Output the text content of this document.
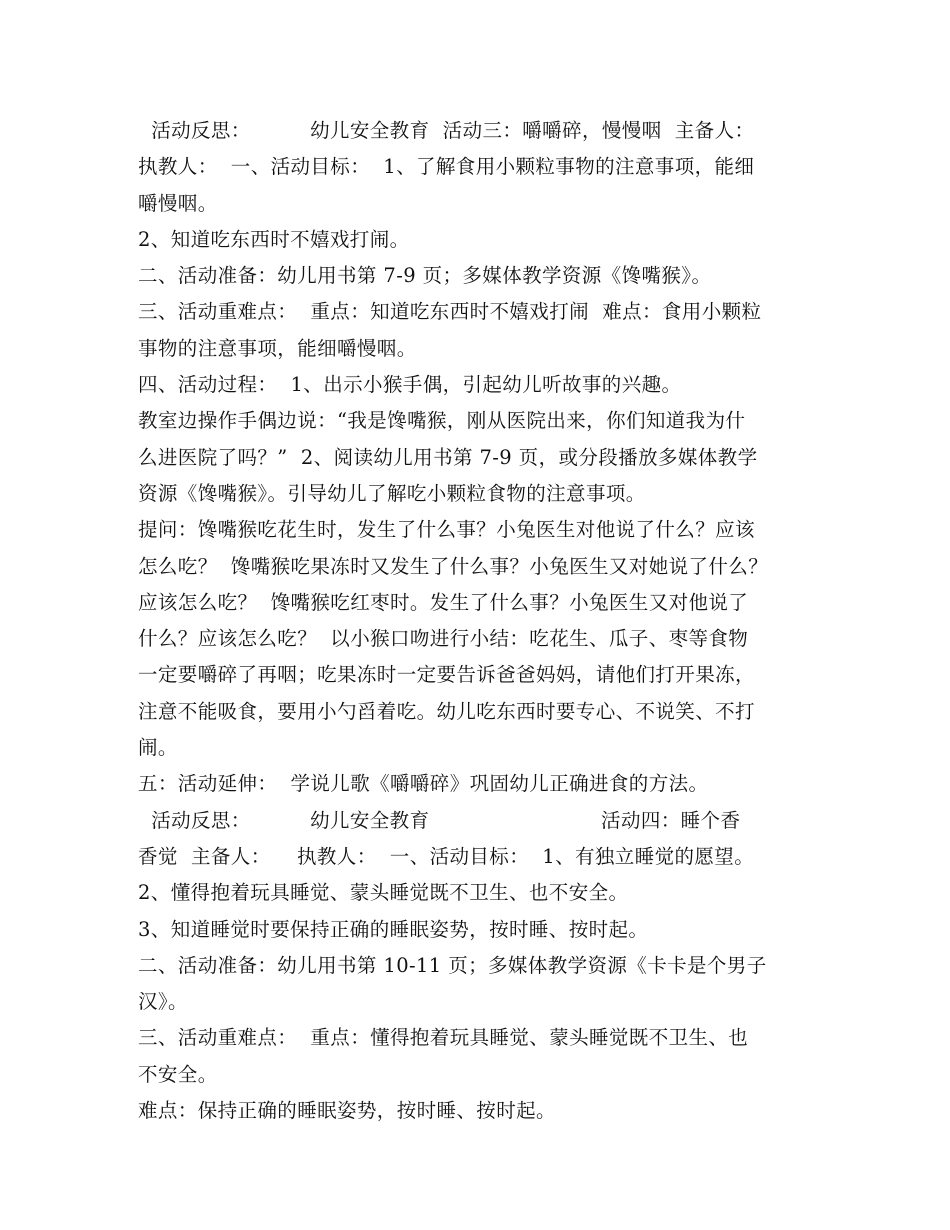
活动反思：         幼儿安全教育  活动三：嚼嚼碎，慢慢咽  主备人：
执教人：  一、活动目标：  1、了解食用小颗粒事物的注意事项，能细
嚼慢咽。
2、知道吃东西时不嬉戏打闹。
二、活动准备：幼儿用书第 7-9 页；多媒体教学资源《馋嘴猴》。
三、活动重难点：  重点：知道吃东西时不嬉戏打闹  难点：食用小颗粒
事物的注意事项，能细嚼慢咽。
四、活动过程：  1、出示小猴手偶，引起幼儿听故事的兴趣。
教室边操作手偶边说：“我是馋嘴猴，刚从医院出来，你们知道我为什
么进医院了吗？”  2、阅读幼儿用书第 7-9 页，或分段播放多媒体教学
资源《馋嘴猴》。引导幼儿了解吃小颗粒食物的注意事项。
提问：馋嘴猴吃花生时，发生了什么事？小兔医生对他说了什么？应该
怎么吃？  馋嘴猴吃果冻时又发生了什么事？小兔医生又对她说了什么？
应该怎么吃？  馋嘴猴吃红枣时。发生了什么事？小兔医生又对他说了
什么？应该怎么吃？  以小猴口吻进行小结：吃花生、瓜子、枣等食物
一定要嚼碎了再咽；吃果冻时一定要告诉爸爸妈妈，请他们打开果冻，
注意不能吸食，要用小勺舀着吃。幼儿吃东西时要专心、不说笑、不打
闹。
五：活动延伸：  学说儿歌《嚼嚼碎》巩固幼儿正确进食的方法。
活动反思：         幼儿安全教育                          活动四：睡个香
香觉  主备人：    执教人：  一、活动目标：  1、有独立睡觉的愿望。
2、懂得抱着玩具睡觉、蒙头睡觉既不卫生、也不安全。
3、知道睡觉时要保持正确的睡眠姿势，按时睡、按时起。
二、活动准备：幼儿用书第 10-11 页；多媒体教学资源《卡卡是个男子
汉》。
三、活动重难点：  重点：懂得抱着玩具睡觉、蒙头睡觉既不卫生、也
不安全。
难点：保持正确的睡眠姿势，按时睡、按时起。
